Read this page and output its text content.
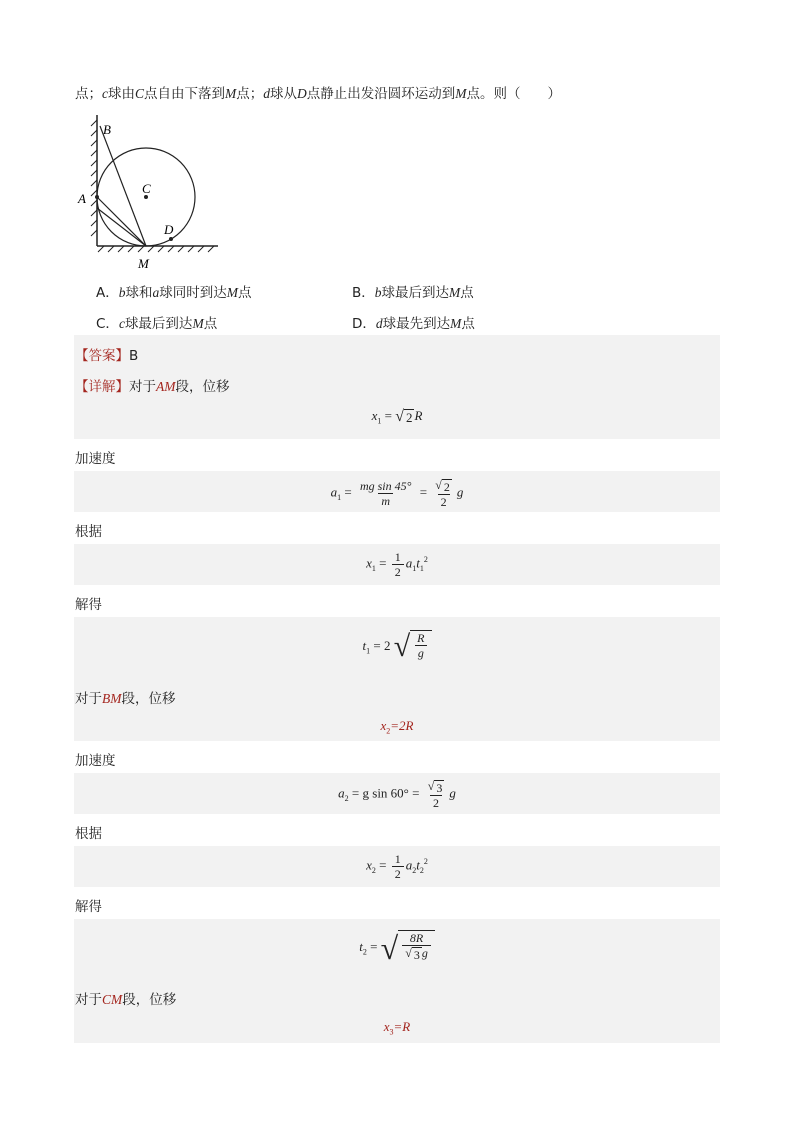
点；c球由C点自由下落到M点；d球从D点静止出发沿圆环运动到M点。则（　　）
B
A
C
D
M
A．b球和a球同时到达M点	B．b球最后到达M点
C．c球最后到达M点	D．d球最先到达M点
【答案】B
【详解】对于AM段，位移
$x_1$ = √ 2 R
加速度
$a_1 = \frac{\text{mg sin 45°}}{m} = \frac{√ 2}{2}$ g
根据
$x_1 = \frac{1}{2} a_1t_1^2$
解得
$t_1 = 2$ √ $\frac{R}{g}$
对于BM段，位移
$x_2=2R$
加速度
$a_2 = g$ $\sin 60^\circ = \frac{√ 3}{2}$ g
根据
$x_2 = \frac{1}{2} a_2t_2^2$
解得
$t_2$ = √ $\frac{8R}{√ 3 g}$
对于CM段，位移
$x_3=R$
